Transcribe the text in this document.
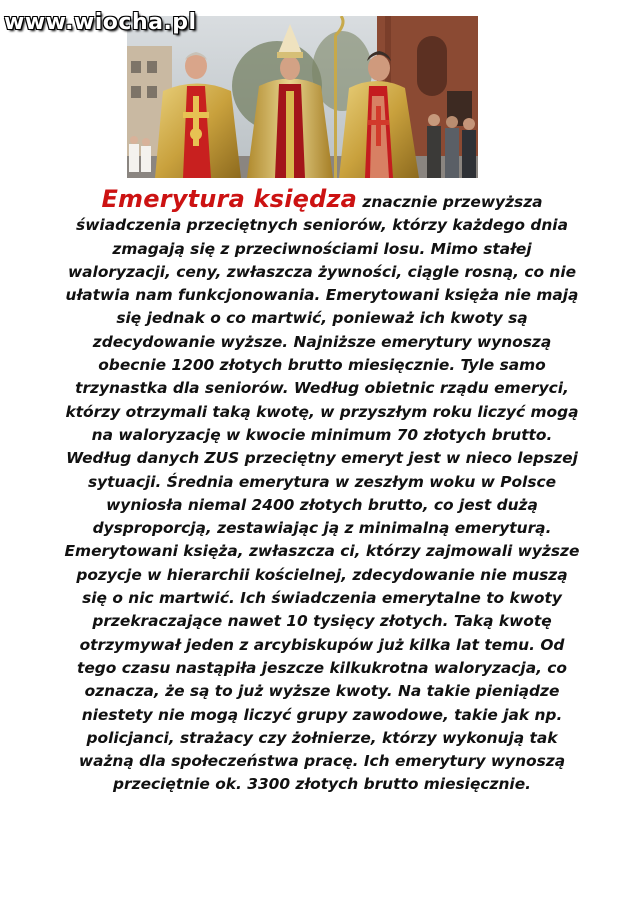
www.wiocha.pl
Emerytura księdza znacznie przewyższa świadczenia przeciętnych seniorów, którzy każdego dnia zmagają się z przeciwnościami losu. Mimo stałej waloryzacji, ceny, zwłaszcza żywności, ciągle rosną, co nie ułatwia nam funkcjonowania. Emerytowani księża nie mają się jednak o co martwić, ponieważ ich kwoty są zdecydowanie wyższe. Najniższe emerytury wynoszą obecnie 1200 złotych brutto miesięcznie. Tyle samo trzynastka dla seniorów. Według obietnic rządu emeryci, którzy otrzymali taką kwotę, w przyszłym roku liczyć mogą na waloryzację w kwocie minimum 70 złotych brutto. Według danych ZUS przeciętny emeryt jest w nieco lepszej sytuacji. Średnia emerytura w zeszłym woku w Polsce wyniosła niemal 2400 złotych brutto, co jest dużą dysproporcją, zestawiając ją z minimalną emeryturą. Emerytowani księża, zwłaszcza ci, którzy zajmowali wyższe pozycje w hierarchii kościelnej, zdecydowanie nie muszą się o nic martwić. Ich świadczenia emerytalne to kwoty przekraczające nawet 10 tysięcy złotych. Taką kwotę otrzymywał jeden z arcybiskupów już kilka lat temu. Od tego czasu nastąpiła jeszcze kilkukrotna waloryzacja, co oznacza, że są to już wyższe kwoty. Na takie pieniądze niestety nie mogą liczyć grupy zawodowe, takie jak np. policjanci, strażacy czy żołnierze, którzy wykonują tak ważną dla społeczeństwa pracę. Ich emerytury wynoszą przeciętnie ok. 3300 złotych brutto miesięcznie.
